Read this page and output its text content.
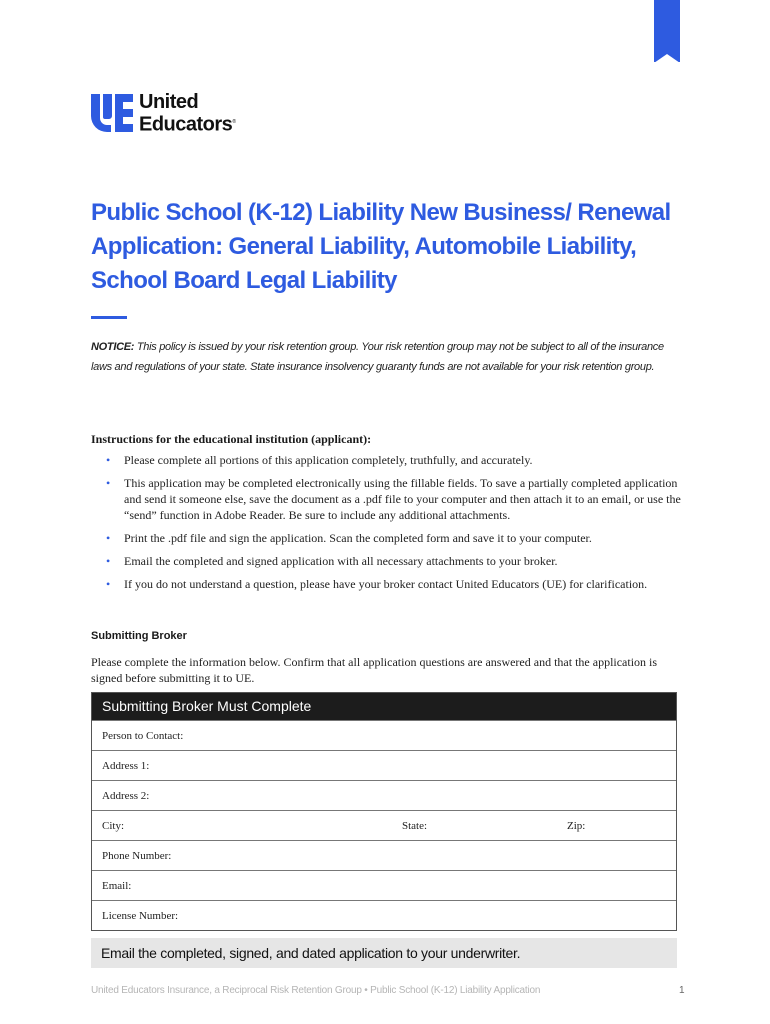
United
Educators®
Public School (K-12) Liability New Business/ Renewal Application: General Liability, Automobile Liability, School Board Legal Liability
NOTICE: This policy is issued by your risk retention group. Your risk retention group may not be subject to all of the insurance laws and regulations of your state. State insurance insolvency guaranty funds are not available for your risk retention group.
Instructions for the educational institution (applicant):
• Please complete all portions of this application completely, truthfully, and accurately.
• This application may be completed electronically using the fillable fields. To save a partially completed application and send it someone else, save the document as a .pdf file to your computer and then attach it to an email, or use the “send” function in Adobe Reader. Be sure to include any additional attachments.
• Print the .pdf file and sign the application. Scan the completed form and save it to your computer.
• Email the completed and signed application with all necessary attachments to your broker.
• If you do not understand a question, please have your broker contact United Educators (UE) for clarification.
Submitting Broker
Please complete the information below. Confirm that all application questions are answered and that the application is signed before submitting it to UE.
Submitting Broker Must Complete
Person to Contact:
Address 1:
Address 2:
City:	State:	Zip:
Phone Number:
Email:
License Number:
Email the completed, signed, and dated application to your underwriter.
United Educators Insurance, a Reciprocal Risk Retention Group • Public School (K-12) Liability Application	1
